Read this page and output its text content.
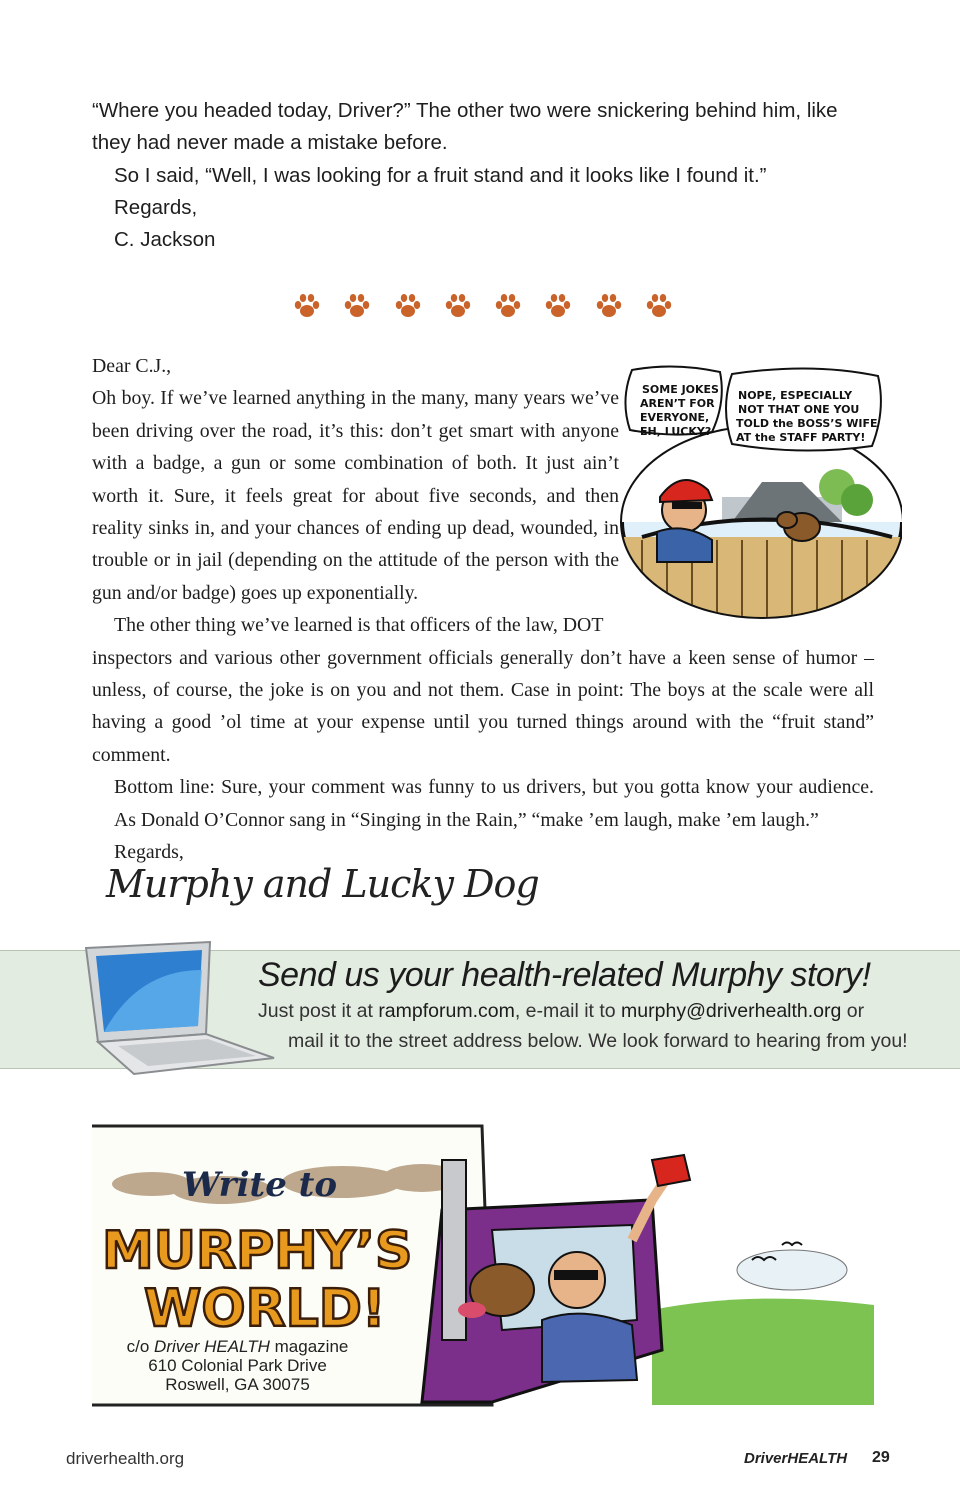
“Where you headed today, Driver?” The other two were snickering behind him, like they had never made a mistake before.

So I said, “Well, I was looking for a fruit stand and it looks like I found it.”

Regards,

C. Jackson

Dear C.J.,

Oh boy. If we’ve learned anything in the many, many years we’ve been driving over the road, it’s this: don’t get smart with anyone with a badge, a gun or some combination of both. It just ain’t worth it. Sure, it feels great for about five seconds, and then reality sinks in, and your chances of ending up dead, wounded, in trouble or in jail (depending on the attitude of the person with the gun and/or badge) goes up exponentially.

The other thing we’ve learned is that officers of the law, DOT

inspectors and various other government officials generally don’t have a keen sense of humor – unless, of course, the joke is on you and not them. Case in point: The boys at the scale were all having a good ’ol time at your expense until you turned things around with the “fruit stand” comment.

Bottom line: Sure, your comment was funny to us drivers, but you gotta know your audience. As Donald O’Connor sang in “Singing in the Rain,” “make ’em laugh, make ’em laugh.”

Regards,

Murphy and Lucky Dog
SOME JOKES
AREN’T FOR
EVERYONE,
EH, LUCKY?
NOPE, ESPECIALLY
NOT THAT ONE YOU
TOLD the BOSS’S WIFE
AT the STAFF PARTY!
Send us your health-related Murphy story!
Just post it at rampforum.com, e-mail it to murphy@driverhealth.org or
mail it to the street address below. We look forward to hearing from you!
Write to
MURPHY’S
WORLD!
c/o Driver HEALTH magazine
610 Colonial Park Drive
Roswell, GA 30075
driverhealth.org	DriverHEALTH 29
